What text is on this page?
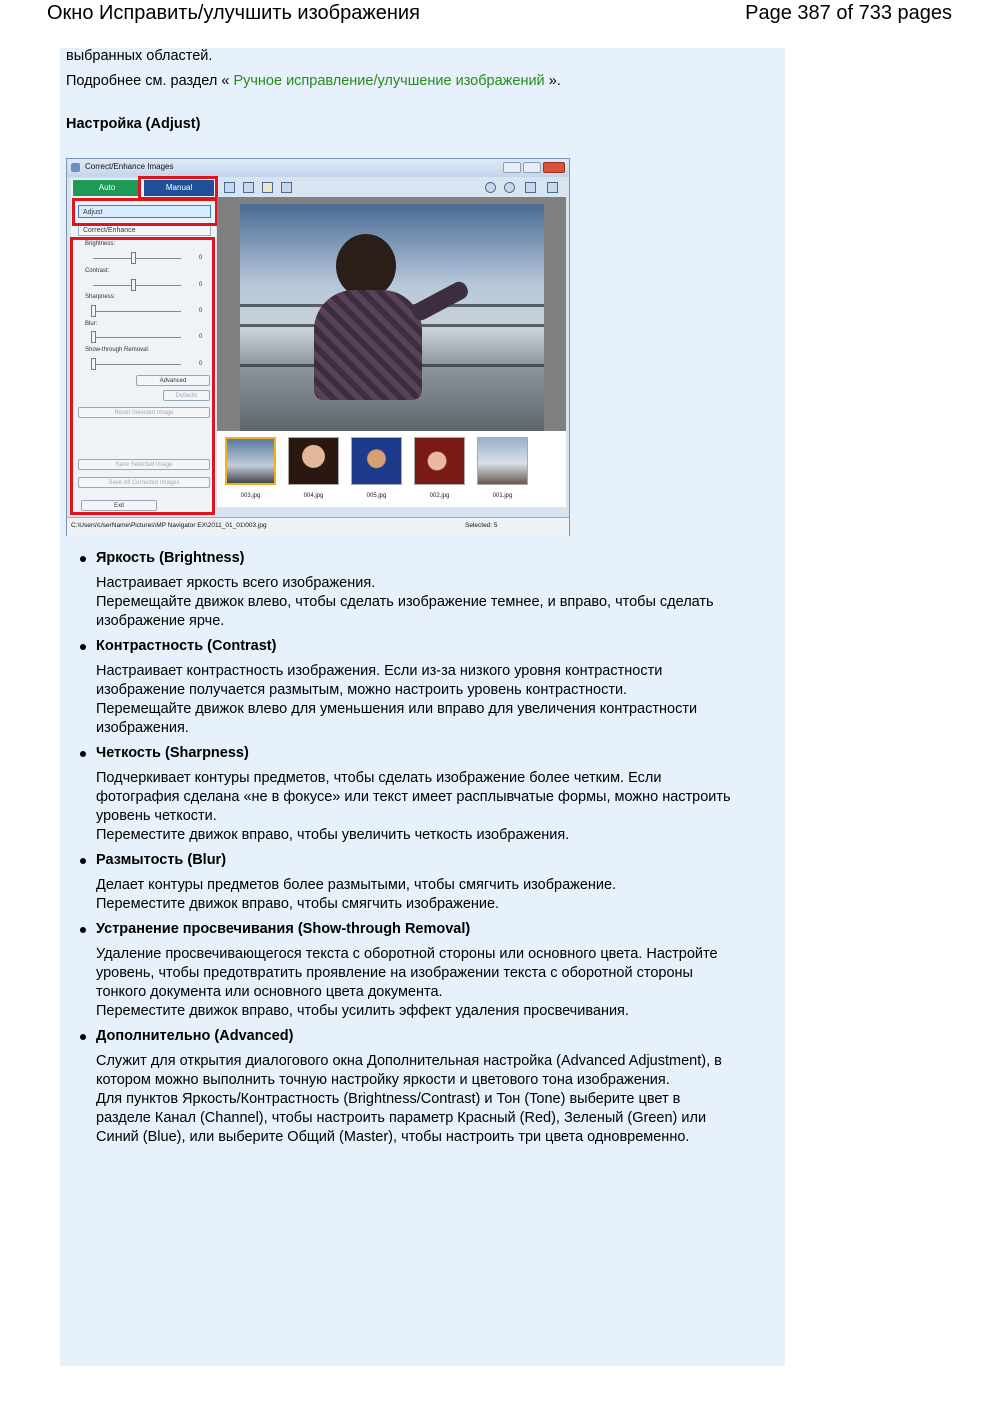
Окно Исправить/улучшить изображения	Page 387 of 733 pages
выбранных областей.
Подробнее см. раздел « Ручное исправление/улучшение изображений ».
Настройка (Adjust)
Correct/Enhance Images
Auto	Manual
Adjust
Correct/Enhance
Brightness:
0
Contrast:
0
Sharpness:
0
Blur:
0
Show-through Removal:
0
Advanced
Defaults
Reset Selected Image
Save Selected Image
Save All Corrected Images
Exit
003.jpg	004.jpg	005.jpg	002.jpg	001.jpg
C:\Users\UserName\Pictures\MP Navigator EX\2011_01_01\003.jpg	Selected: 5
Яркость (Brightness)
Настраивает яркость всего изображения.
Перемещайте движок влево, чтобы сделать изображение темнее, и вправо, чтобы сделать
изображение ярче.
Контрастность (Contrast)
Настраивает контрастность изображения. Если из-за низкого уровня контрастности
изображение получается размытым, можно настроить уровень контрастности.
Перемещайте движок влево для уменьшения или вправо для увеличения контрастности
изображения.
Четкость (Sharpness)
Подчеркивает контуры предметов, чтобы сделать изображение более четким. Если
фотография сделана «не в фокусе» или текст имеет расплывчатые формы, можно настроить
уровень четкости.
Переместите движок вправо, чтобы увеличить четкость изображения.
Размытость (Blur)
Делает контуры предметов более размытыми, чтобы смягчить изображение.
Переместите движок вправо, чтобы смягчить изображение.
Устранение просвечивания (Show-through Removal)
Удаление просвечивающегося текста с оборотной стороны или основного цвета. Настройте
уровень, чтобы предотвратить проявление на изображении текста с оборотной стороны
тонкого документа или основного цвета документа.
Переместите движок вправо, чтобы усилить эффект удаления просвечивания.
Дополнительно (Advanced)
Служит для открытия диалогового окна Дополнительная настройка (Advanced Adjustment), в
котором можно выполнить точную настройку яркости и цветового тона изображения.
Для пунктов Яркость/Контрастность (Brightness/Contrast) и Тон (Tone) выберите цвет в
разделе Канал (Channel), чтобы настроить параметр Красный (Red), Зеленый (Green) или
Синий (Blue), или выберите Общий (Master), чтобы настроить три цвета одновременно.
